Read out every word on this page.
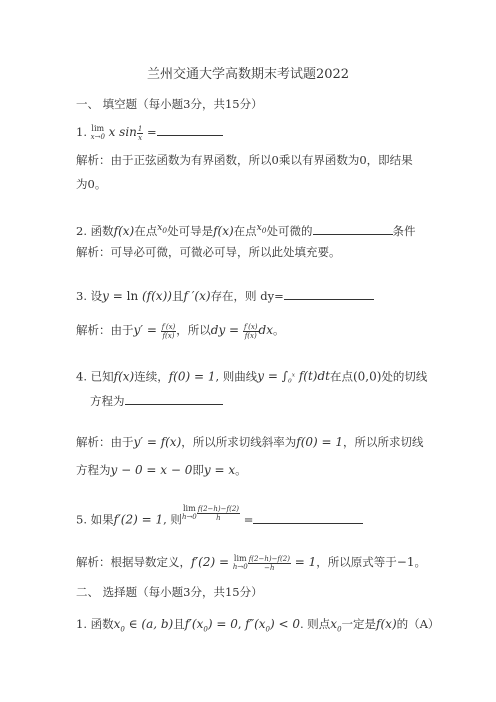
兰州交通大学高数期末考试题2022
一、 填空题（每小题3分，共15分）
1. lim
x→0 x $\sin \frac{1}{x}$ =
解析：由于正弦函数为有界函数，所以0乘以有界函数为0，即结果
为0。
2. 函数f(x)在点$^{x_0}$处可导是f(x)在点$^{x_0}$处可微的	条件
解析：可导必可微，可微必可导，所以此处填充要。
3. 设y = ln (f(x))且f ′(x)存在，则 dy=
解析：由于$y' = \frac{f'(x)}{f(x)}$ ，所以dy = $\frac{f'(x)}{f(x)}$ dx。
4. 已知f(x)连续，f(0) = 1, 则曲线$y = \int_0^x$ f(t)dt在点(0,0)处的切线
方程为
解析：由于y′ = f(x)，所以所求切线斜率为f(0) = 1，所以所求切线
方程为y − 0 = x − 0即y = x。
5. 如果f′(2) = 1, 则lim
$h\to 0 \frac{f(2-h)-f(2)}{h}$ =
解析：根据导数定义，f′(2) = lim
$h\to 0 \frac{f(2-h)-f(2)}{-h} = 1$，所以原式等于−1。
二、 选择题（每小题3分，共15分）
1. 函数$x_0$ ∈ (a, b)且$f'(x_0) = 0$, $f''(x_0) < 0$. 则点$x_0$一定是f(x)的（A）
